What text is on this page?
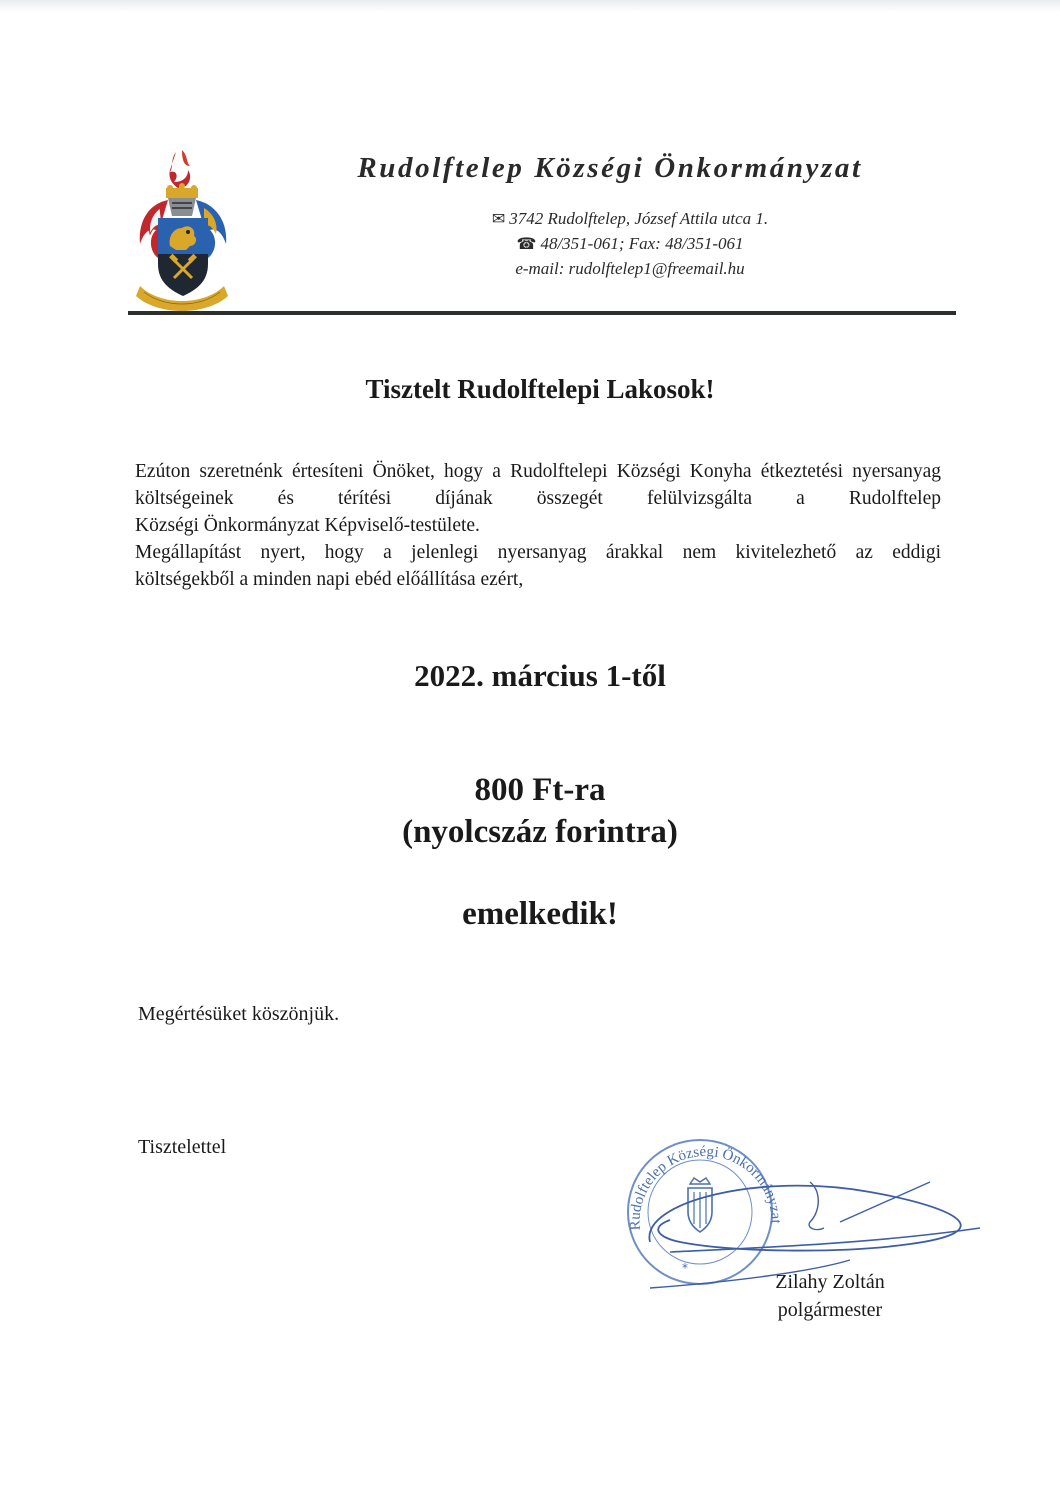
Rudolftelep Községi Önkormányzat
✉ 3742 Rudolftelep, József Attila utca 1.
☎ 48/351-061; Fax: 48/351-061
e-mail: rudolftelep1@freemail.hu
Tisztelt Rudolftelepi Lakosok!
Ezúton szeretnénk értesíteni Önöket, hogy a Rudolftelepi Községi Konyha étkeztetési nyersanyag költségeinek és térítési díjának összegét felülvizsgálta a Rudolftelep
Községi Önkormányzat Képviselő-testülete.
Megállapítást nyert, hogy a jelenlegi nyersanyag árakkal nem kivitelezhető az eddigi
költségekből a minden napi ebéd előállítása ezért,
2022. március 1-től
800 Ft-ra
(nyolcszáz forintra)
emelkedik!
Megértésüket köszönjük.
Tisztelettel
Rudolftelep Községi Önkormányzat
*
Zilahy Zoltán
polgármester
